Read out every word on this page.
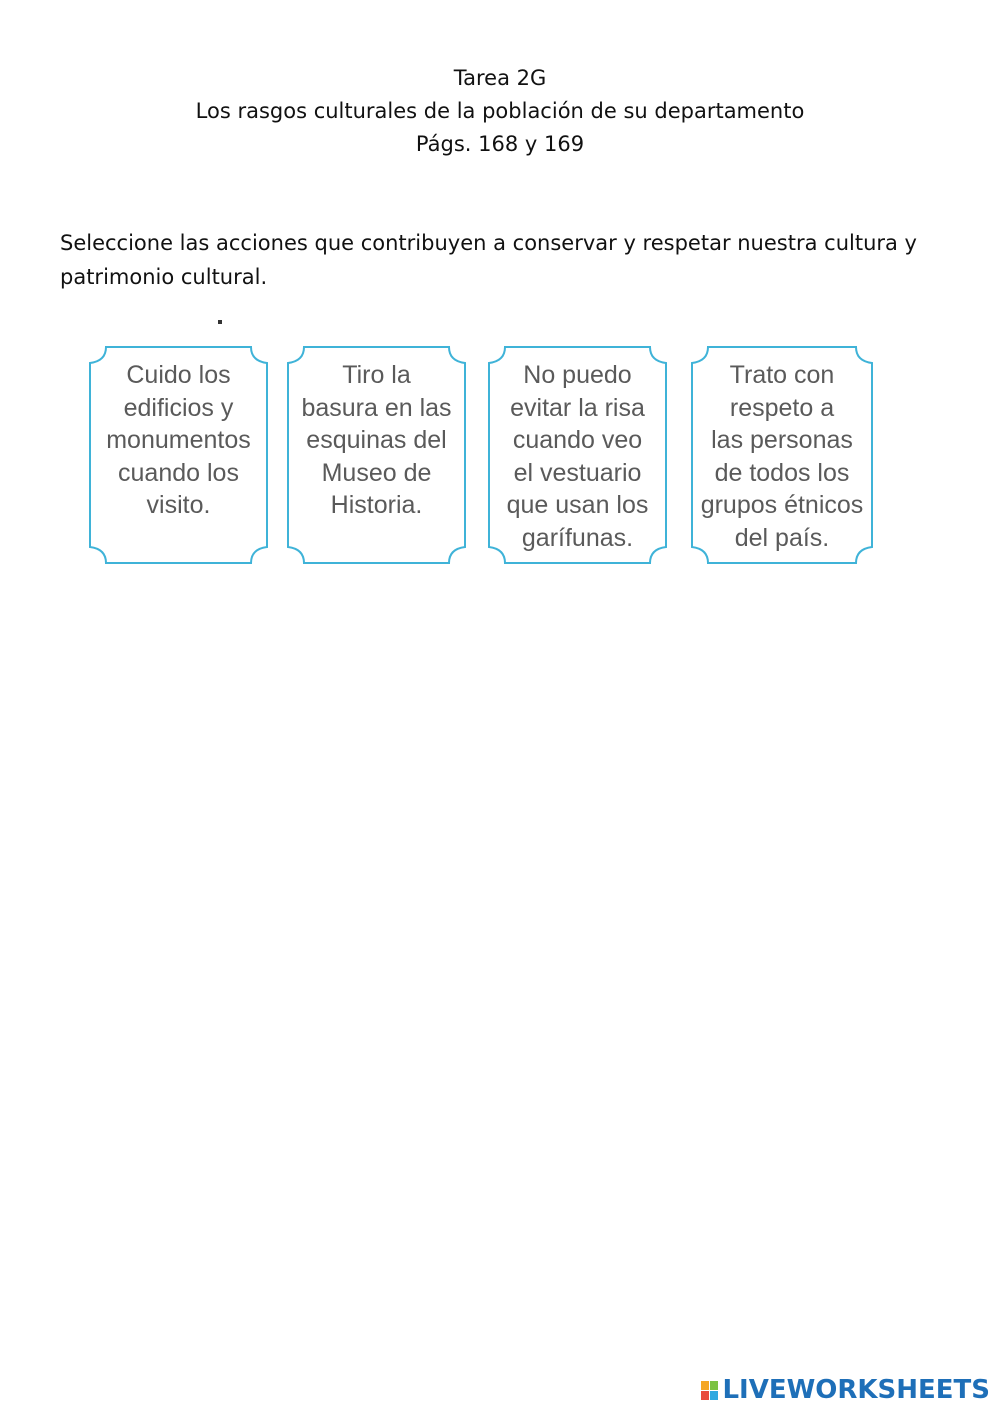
Tarea 2G
Los rasgos culturales de la población de su departamento
Págs. 168 y 169
Seleccione las acciones que contribuyen a conservar y respetar nuestra cultura y patrimonio cultural.
Cuido los
edificios y
monumentos
cuando los
visito.
Tiro la
basura en las
esquinas del
Museo de
Historia.
No puedo
evitar la risa
cuando veo
el vestuario
que usan los
garífunas.
Trato con
respeto a
las personas
de todos los
grupos étnicos
del país.
LIVEWORKSHEETS
